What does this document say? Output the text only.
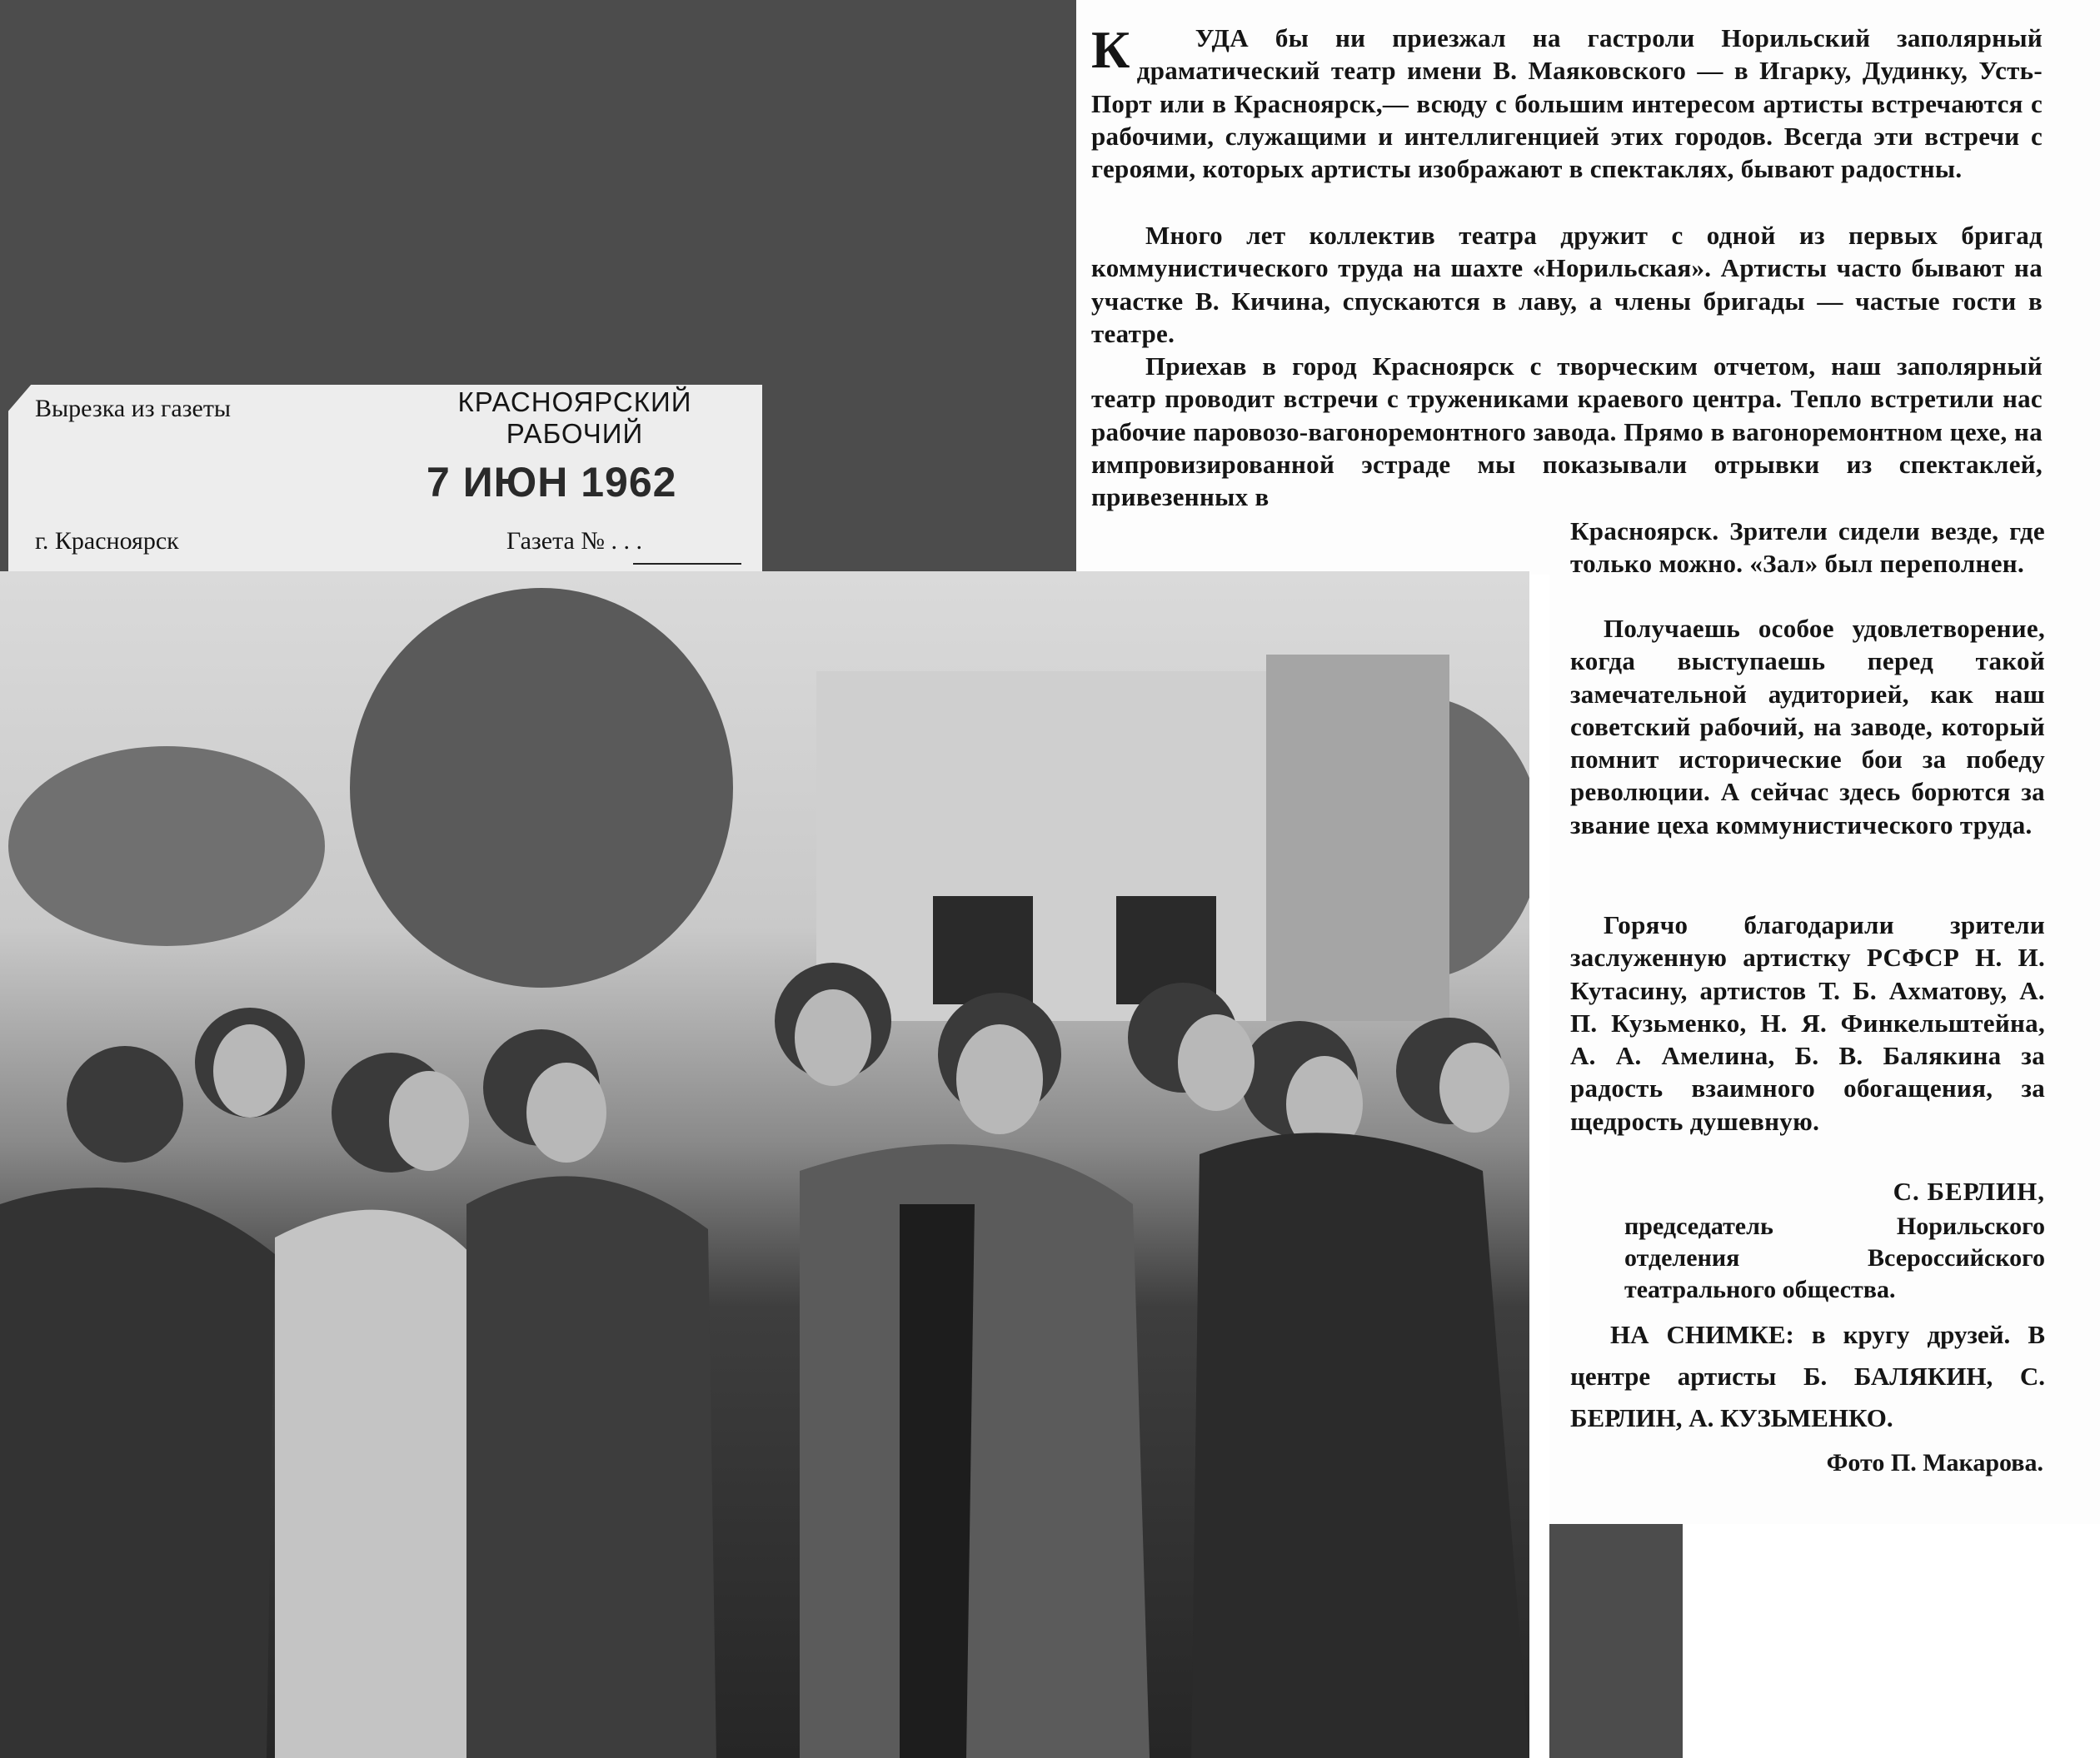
К	УДА бы ни приезжал на гастроли Норильский заполярный драматический театр имени В. Маяковского — в Игарку, Дудинку, Усть-Порт или в Красноярск,— всюду с большим интересом артисты встречаются с рабочими, служащими и интеллигенцией этих городов. Всегда эти встречи с героями, которых артисты изображают в спектаклях, бывают радостны.

Много лет коллектив театра дружит с одной из первых бригад коммунистического труда на шахте «Норильская». Артисты часто бывают на участке В. Кичина, спускаются в лаву, а члены бригады — частые гости в театре.

Приехав в город Красноярск с творческим отчетом, наш заполярный театр проводит встречи с тружениками краевого центра. Тепло встретили нас рабочие паровозо-вагоноремонтного завода. Прямо в вагоноремонтном цехе, на импровизированной эстраде мы показывали отрывки из спектаклей, привезенных в

Красноярск. Зрители сидели везде, где только можно. «Зал» был переполнен.

Получаешь особое удовлетворение, когда выступаешь перед такой замечательной аудиторией, как наш советский рабочий, на заводе, который помнит исторические бои за победу революции. А сейчас здесь борются за звание цеха коммунистического труда.

Горячо благодарили зрители заслуженную артистку РСФСР Н. И. Кутасину, артистов Т. Б. Ахматову, А. П. Кузьменко, Н. Я. Финкельштейна, А. А. Амелина, Б. В. Балякина за радость взаимного обогащения, за щедрость душевную.

С. БЕРЛИН,

председатель Норильского отделения Всероссийского театрального общества.

НА СНИМКЕ: в кругу друзей. В центре артисты Б. БАЛЯКИН, С. БЕРЛИН, А. КУЗЬМЕНКО.

Фото П. Макарова.

Вырезка из газеты	КРАСНОЯРСКИЙ РАБОЧИЙ

7 ИЮН 1962

г. Красноярск	Газета № . . .
